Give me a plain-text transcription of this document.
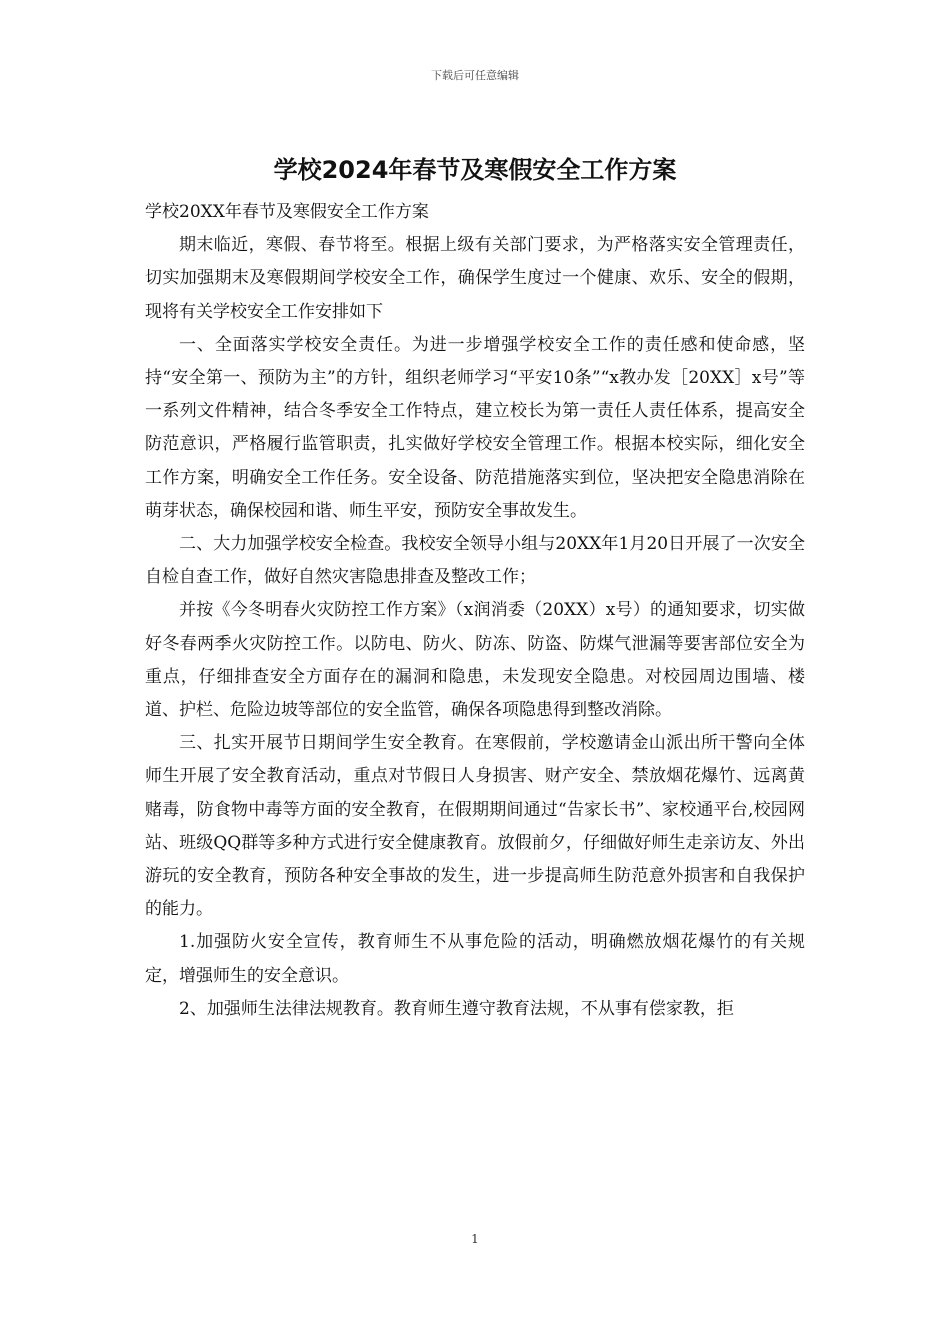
下载后可任意编辑
学校2024年春节及寒假安全工作方案

学校20XX年春节及寒假安全工作方案

期末临近，寒假、春节将至。根据上级有关部门要求，为严格落实安全管理责任，切实加强期末及寒假期间学校安全工作，确保学生度过一个健康、欢乐、安全的假期，现将有关学校安全工作安排如下

一、全面落实学校安全责任。为进一步增强学校安全工作的责任感和使命感，坚持“安全第一、预防为主”的方针，组织老师学习“平安10条”“x教办发［20XX］x号”等一系列文件精神，结合冬季安全工作特点，建立校长为第一责任人责任体系，提高安全防范意识，严格履行监管职责，扎实做好学校安全管理工作。根据本校实际，细化安全工作方案，明确安全工作任务。安全设备、防范措施落实到位，坚决把安全隐患消除在萌芽状态，确保校园和谐、师生平安，预防安全事故发生。

二、大力加强学校安全检查。我校安全领导小组与20XX年1月20日开展了一次安全自检自查工作，做好自然灾害隐患排查及整改工作；

并按《今冬明春火灾防控工作方案》（x润消委（20XX）x号）的通知要求，切实做好冬春两季火灾防控工作。以防电、防火、防冻、防盗、防煤气泄漏等要害部位安全为重点，仔细排查安全方面存在的漏洞和隐患，未发现安全隐患。对校园周边围墙、楼道、护栏、危险边坡等部位的安全监管，确保各项隐患得到整改消除。

三、扎实开展节日期间学生安全教育。在寒假前，学校邀请金山派出所干警向全体师生开展了安全教育活动，重点对节假日人身损害、财产安全、禁放烟花爆竹、远离黄赌毒，防食物中毒等方面的安全教育，在假期期间通过“告家长书”、家校通平台,校园网站、班级QQ群等多种方式进行安全健康教育。放假前夕，仔细做好师生走亲访友、外出游玩的安全教育，预防各种安全事故的发生，进一步提高师生防范意外损害和自我保护的能力。

1.加强防火安全宣传，教育师生不从事危险的活动，明确燃放烟花爆竹的有关规定，增强师生的安全意识。

2、加强师生法律法规教育。教育师生遵守教育法规，不从事有偿家教，拒

1
